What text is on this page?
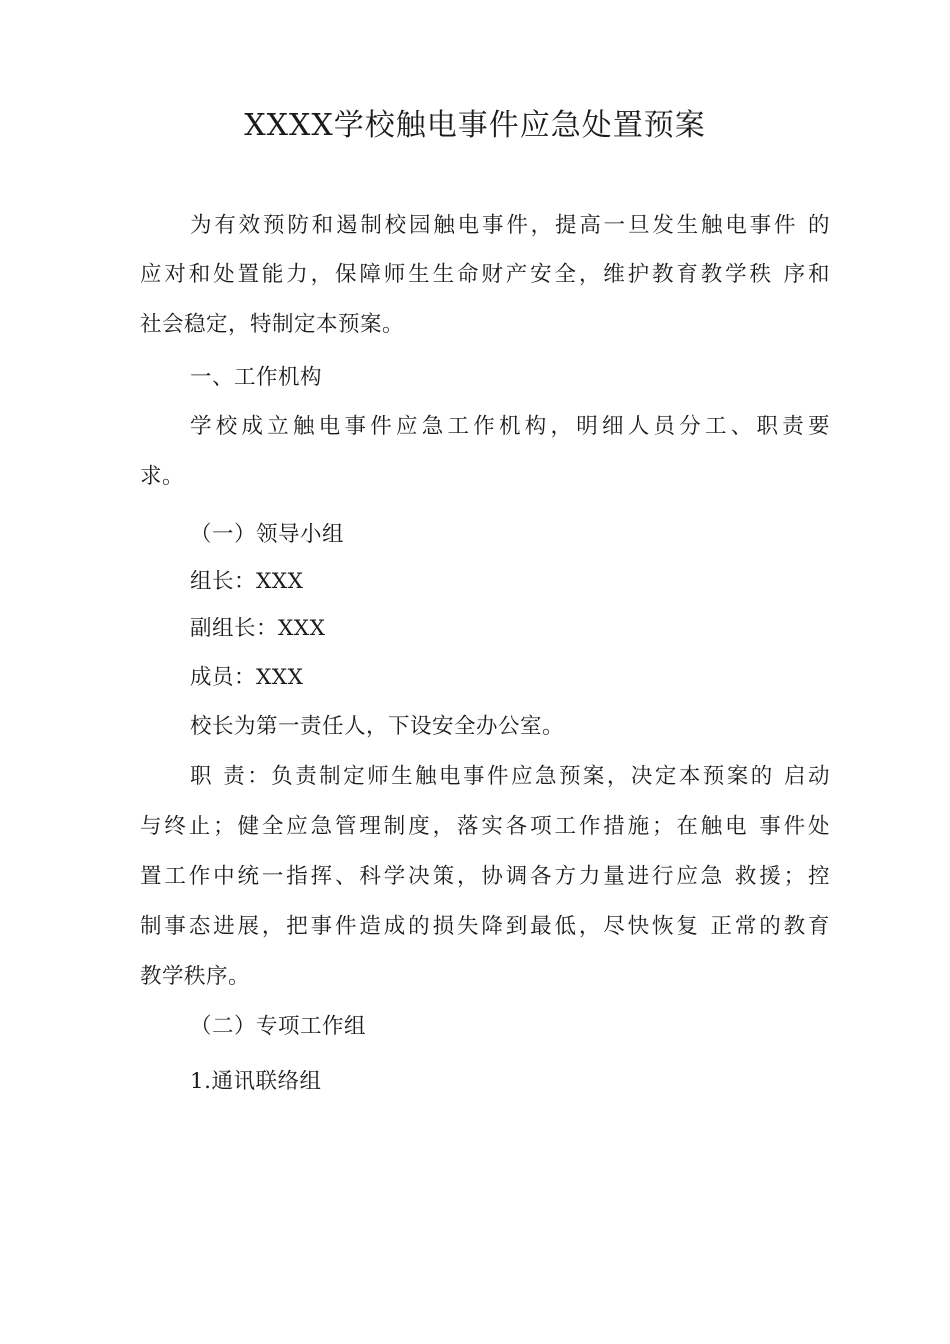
XXXX学校触电事件应急处置预案
为有效预防和遏制校园触电事件，提高一旦发生触电事件 的
应对和处置能力，保障师生生命财产安全，维护教育教学秩 序和
社会稳定，特制定本预案。
一、工作机构
学校成立触电事件应急工作机构，明细人员分工、职责要
求。
（一）领导小组
组长：XXX
副组长：XXX
成员：XXX
校长为第一责任人，下设安全办公室。
职 责：负责制定师生触电事件应急预案，决定本预案的 启动
与终止；健全应急管理制度，落实各项工作措施；在触电 事件处
置工作中统一指挥、科学决策，协调各方力量进行应急 救援；控
制事态进展，把事件造成的损失降到最低，尽快恢复 正常的教育
教学秩序。
（二）专项工作组
1.通讯联络组
